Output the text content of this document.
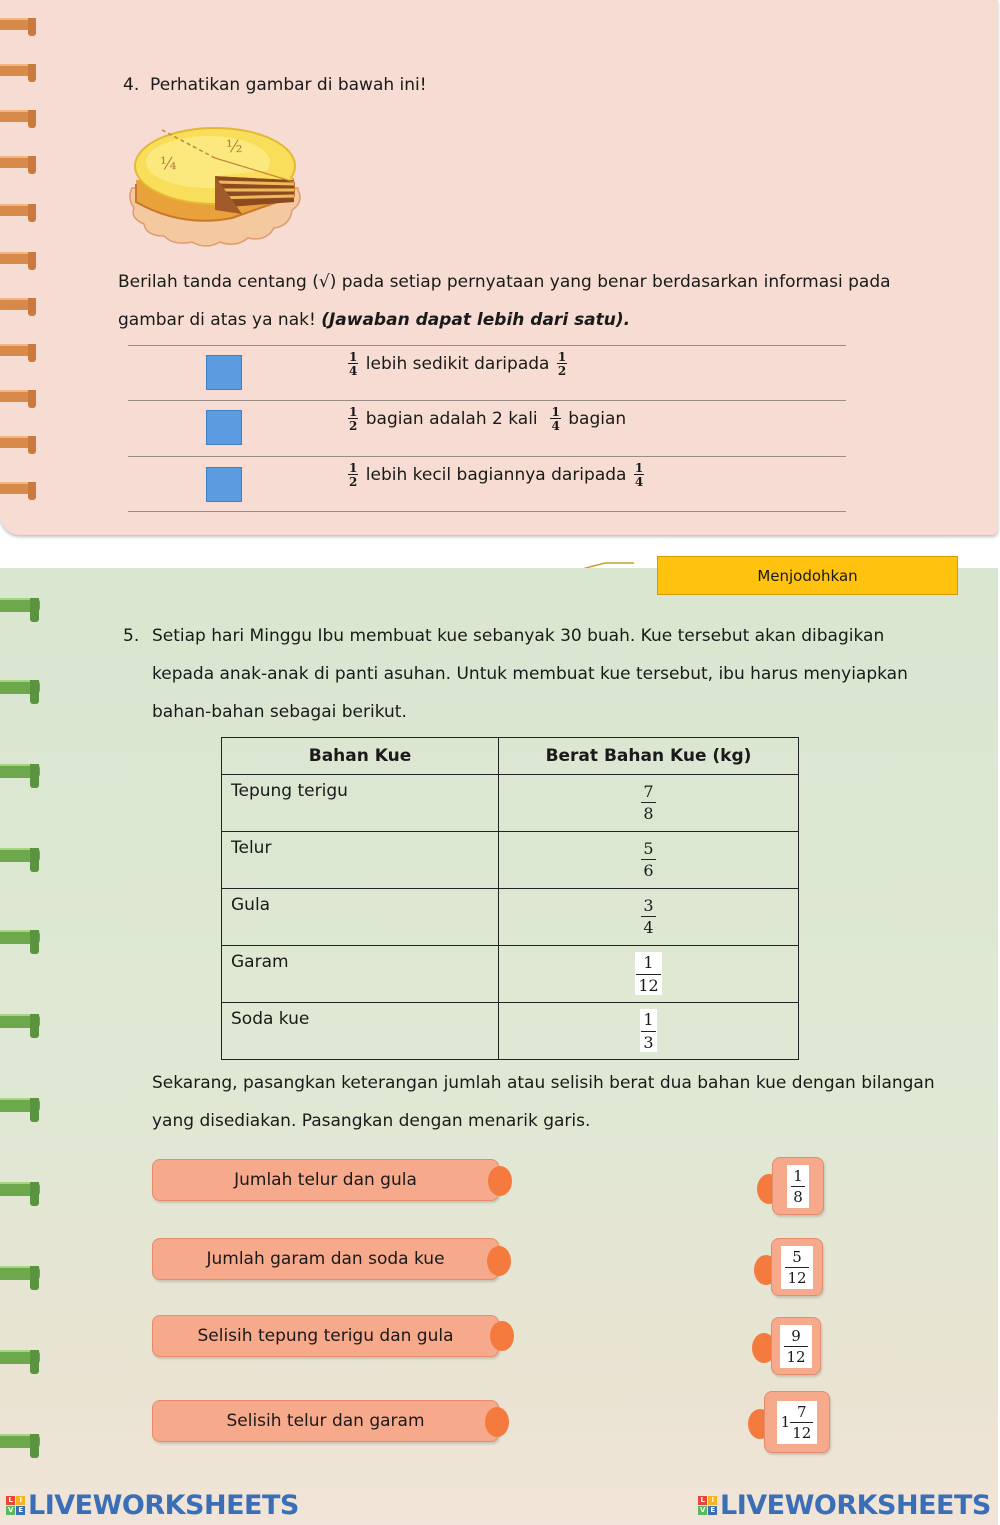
4. Perhatikan gambar di bawah ini!
¼
½
Berilah tanda centang (√) pada setiap pernyataan yang benar berdasarkan informasi pada
gambar di atas ya nak! (Jawaban dapat lebih dari satu).
$\frac{1}{4}$ lebih sedikit daripada $\frac{1}{2}$
$\frac{1}{2}$ bagian adalah 2 kali $\frac{1}{4}$ bagian
$\frac{1}{2}$ lebih kecil bagiannya daripada $\frac{1}{4}$
Menjodohkan
5. Setiap hari Minggu Ibu membuat kue sebanyak 30 buah. Kue tersebut akan dibagikan
kepada anak-anak di panti asuhan. Untuk membuat kue tersebut, ibu harus menyiapkan
bahan-bahan sebagai berikut.
Bahan Kue	Berat Bahan Kue (kg)
Tepung terigu	$\frac{7}{8}$

Telur	$\frac{5}{6}$

Gula	$\frac{3}{4}$

Garam	$\frac{1}{12}$

Soda kue	$\frac{1}{3}$
Sekarang, pasangkan keterangan jumlah atau selisih berat dua bahan kue dengan bilangan
yang disediakan. Pasangkan dengan menarik garis.
Jumlah telur dan gula
Jumlah garam dan soda kue
Selisih tepung terigu dan gula
Selisih telur dan garam
1
8
5
12
9
12
1
7
12
L I
V E LIVEWORKSHEETS	L I
V E LIVEWORKSHEETS
